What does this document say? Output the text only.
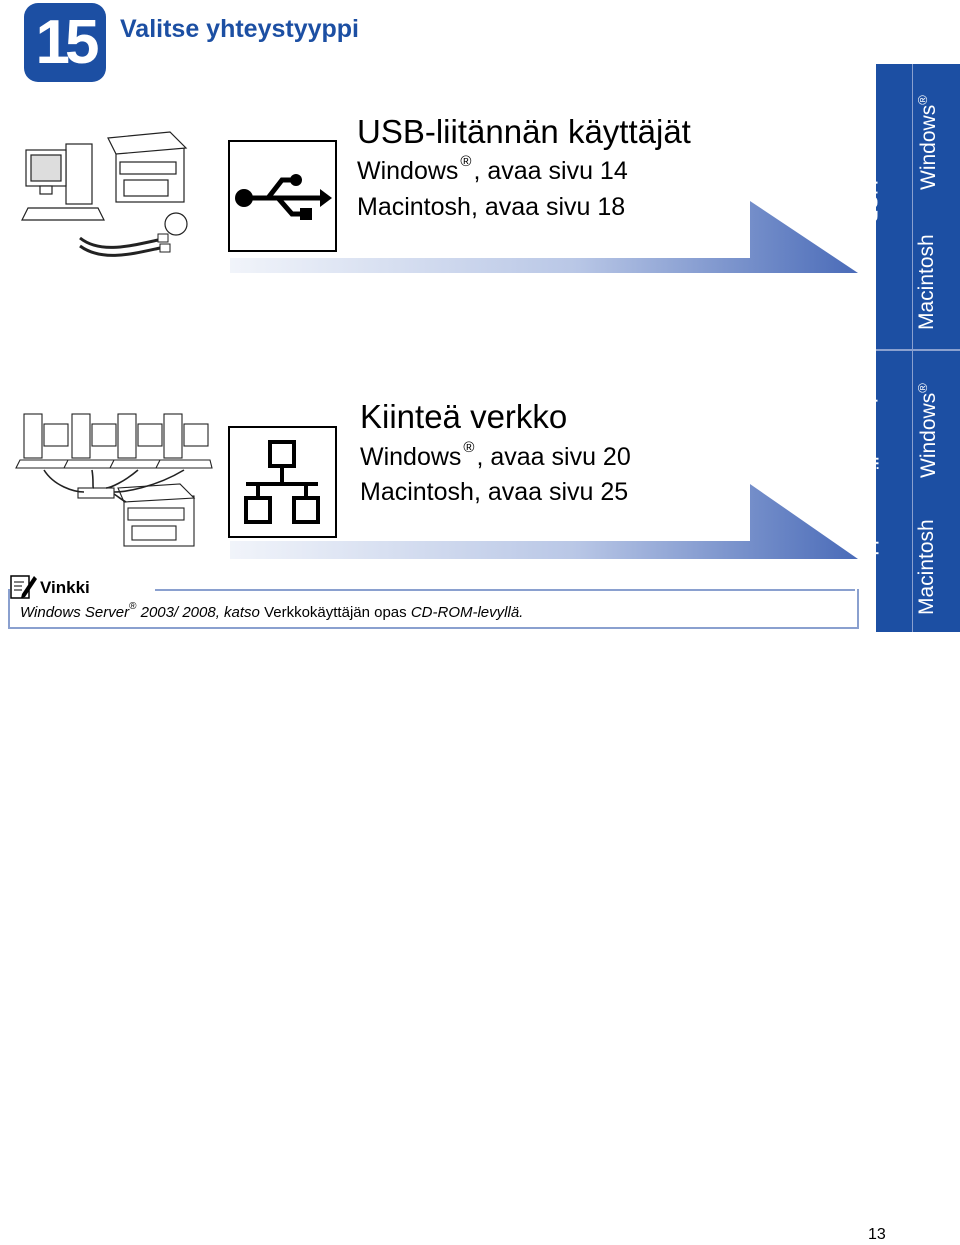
15	Valitse yhteystyyppi
USB-liitännän käyttäjät
Windows ®, avaa sivu 14
Macintosh, avaa sivu 18
Kiinteä verkko
Windows ®, avaa sivu 20
Macintosh, avaa sivu 25
Vinkki
Windows Server® 2003/ 2008, katso Verkkokäyttäjän opas CD-ROM-levyllä.
USB
Windows®
Macintosh
Langallinen verkko Windows®
Macintosh
13
